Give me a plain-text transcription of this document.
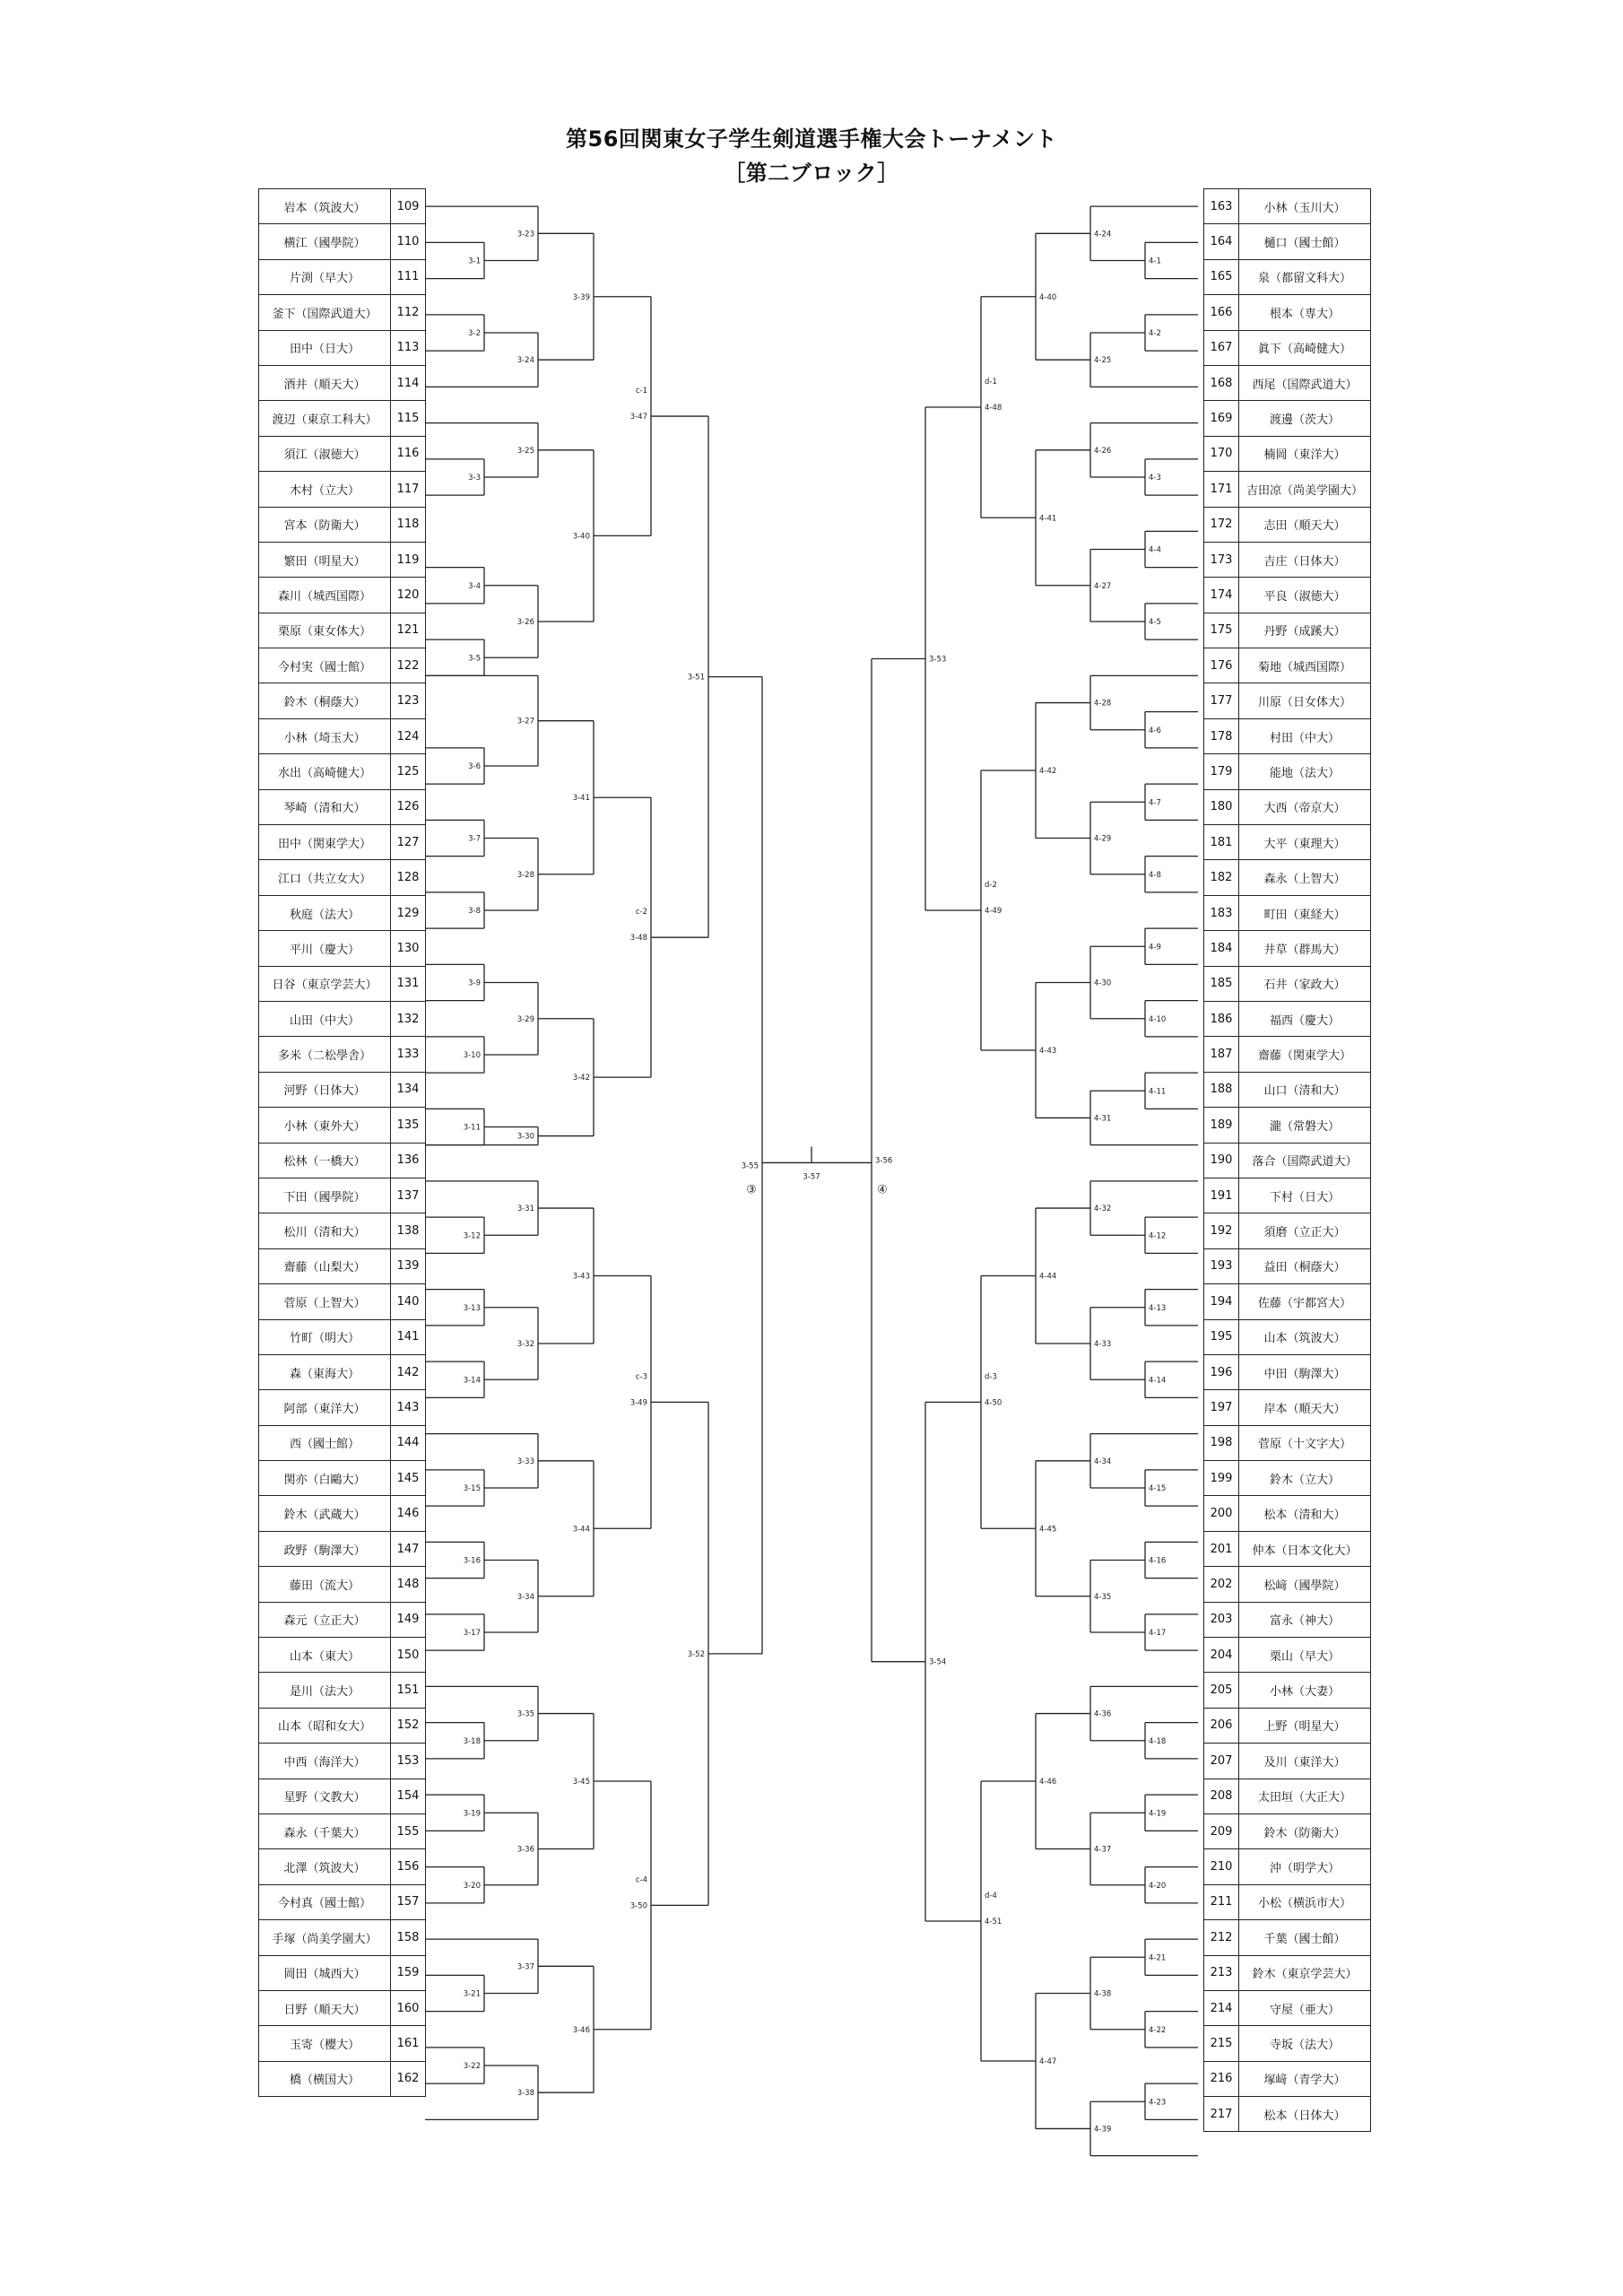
第56回関東女子学生剣道選手権大会トーナメント
［第二ブロック］
岩本（筑波大）	109
横江（國學院）	110
片渕（早大）	111
釜下（国際武道大）	112
田中（日大）	113
酒井（順天大）	114
渡辺（東京工科大）	115
須江（淑徳大）	116
木村（立大）	117
宮本（防衛大）	118
繁田（明星大）	119
森川（城西国際）	120
栗原（東女体大）	121
今村実（國士館）	122
鈴木（桐蔭大）	123
小林（埼玉大）	124
水出（高崎健大）	125
琴崎（清和大）	126
田中（関東学大）	127
江口（共立女大）	128
秋庭（法大）	129
平川（慶大）	130
日谷（東京学芸大）	131
山田（中大）	132
多米（二松學舎）	133
河野（日体大）	134
小林（東外大）	135
松林（一橋大）	136
下田（國學院）	137
松川（清和大）	138
齋藤（山梨大）	139
菅原（上智大）	140
竹町（明大）	141
森（東海大）	142
阿部（東洋大）	143
西（國士館）	144
関亦（白鷗大）	145
鈴木（武蔵大）	146
政野（駒澤大）	147
藤田（流大）	148
森元（立正大）	149
山本（東大）	150
是川（法大）	151
山本（昭和女大）	152
中西（海洋大）	153
星野（文教大）	154
森永（千葉大）	155
北澤（筑波大）	156
今村真（國士館）	157
手塚（尚美学園大）	158
岡田（城西大）	159
日野（順天大）	160
玉寄（櫻大）	161
橋（横国大）	162
163	小林（玉川大）
164	樋口（國士館）
165	泉（都留文科大）
166	根本（専大）
167	眞下（高崎健大）
168	西尾（国際武道大）
169	渡邊（茨大）
170	楠岡（東洋大）
171	吉田凉（尚美学園大）
172	志田（順天大）
173	吉庄（日体大）
174	平良（淑徳大）
175	丹野（成蹊大）
176	菊地（城西国際）
177	川原（日女体大）
178	村田（中大）
179	能地（法大）
180	大西（帝京大）
181	大平（東理大）
182	森永（上智大）
183	町田（東経大）
184	井草（群馬大）
185	石井（家政大）
186	福西（慶大）
187	齋藤（関東学大）
188	山口（清和大）
189	瀧（常磐大）
190	落合（国際武道大）
191	下村（日大）
192	須磨（立正大）
193	益田（桐蔭大）
194	佐藤（宇都宮大）
195	山本（筑波大）
196	中田（駒澤大）
197	岸本（順天大）
198	菅原（十文字大）
199	鈴木（立大）
200	松本（清和大）
201	仲本（日本文化大）
202	松﨑（國學院）
203	富永（神大）
204	栗山（早大）
205	小林（大妻）
206	上野（明星大）
207	及川（東洋大）
208	太田垣（大正大）
209	鈴木（防衛大）
210	沖（明学大）
211	小松（横浜市大）
212	千葉（國士館）
213	鈴木（東京学芸大）
214	守屋（亜大）
215	寺坂（法大）
216	塚﨑（青学大）
217	松本（日体大）
3-1
3-2
3-3
3-4
3-5
3-6
3-7
3-8
3-9
3-10
3-11
3-12
3-13
3-14
3-15
3-16
3-17
3-18
3-19
3-20
3-21
3-22
3-23
3-24
3-25
3-26
3-27
3-28
3-29
3-30
3-31
3-32
3-33
3-34
3-35
3-36
3-37
3-38
3-39
3-40
3-41
3-42
3-43
3-44
3-45
3-46
c-1
3-47
c-2
3-48
c-3
3-49
c-4
3-50
3-51
3-52
3-55
4-1
4-2
4-3
4-4
4-5
4-6
4-7
4-8
4-9
4-10
4-11
4-12
4-13
4-14
4-15
4-16
4-17
4-18
4-19
4-20
4-21
4-22
4-23
4-24
4-25
4-26
4-27
4-28
4-29
4-30
4-31
4-32
4-33
4-34
4-35
4-36
4-37
4-38
4-39
4-40
4-41
4-42
4-43
4-44
4-45
4-46
4-47
d-1
4-48
d-2
4-49
d-3
4-50
d-4
4-51
3-53
3-54
3-56
3-57
③	④
